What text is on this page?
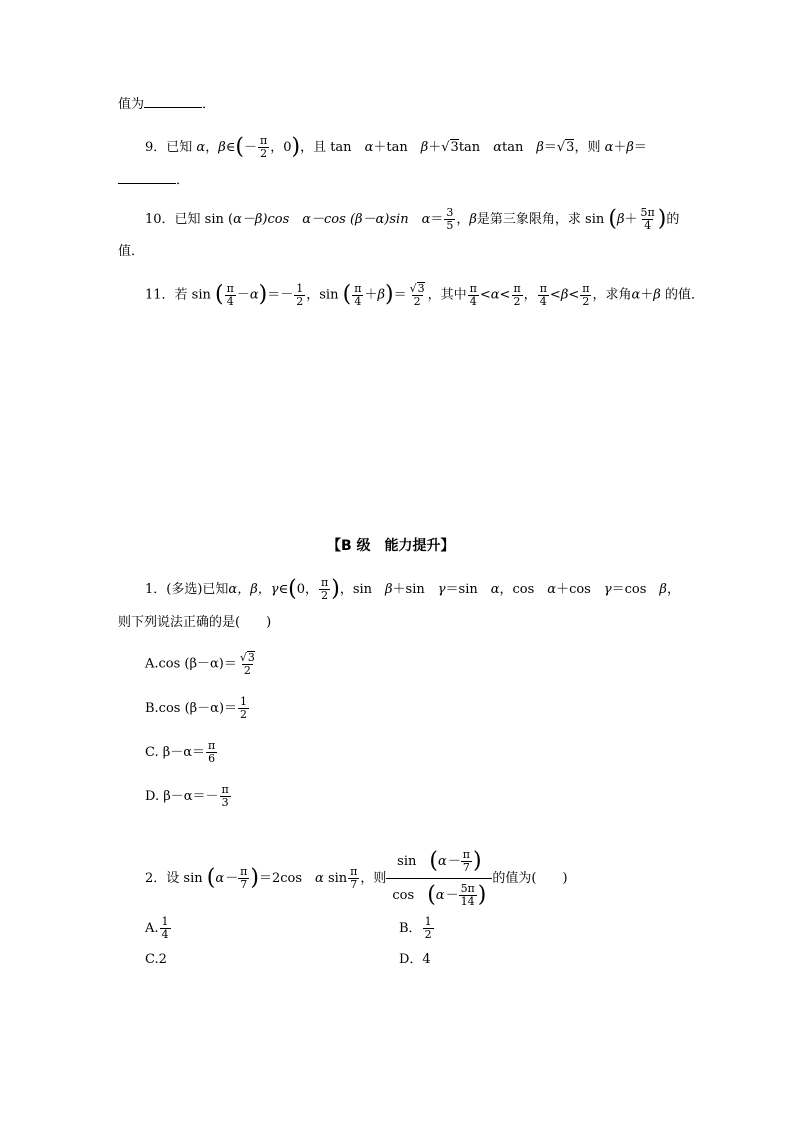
值为	．
9．已知 α，β∈(－ $\frac{\pi}{2}$ ，0)，且 tan　α＋tan　β＋√3tan　αtan　β＝√3，则 α＋β＝
．
10．已知 sin (α－β)cos　α－cos (β－α)sin　$\alpha= \frac{3}{5}$ ，β是第三象限角，求 $\sin (\beta+ \frac{5\pi}{4}$ )的
值．
11．若 sin ( $\frac{\pi}{4} -\alpha)=- \frac{1}{2}$ ，sin ( $\frac{\pi}{4} +\beta)= \frac{√3}{2}$ ，其中 $\frac{\pi}{4} <\alpha< \frac{\pi}{2}$ ， $\frac{\pi}{4} <\beta< \frac{\pi}{2}$ ，求角α＋β 的值．
【B 级　能力提升】
1．(多选)已知α，β，γ∈(0， $\frac{\pi}{2}$ )，sin　β＋sin　γ＝sin　α，cos　α＋cos　γ＝cos　β，
则下列说法正确的是(　　)
A.cos $(\beta-\alpha)= \frac{√3}{2}$
B.cos $(\beta-\alpha)= \frac{1}{2}$
C. $\beta-\alpha= \frac{\pi}{6}$
D. $\beta-\alpha=- \frac{\pi}{3}$
2．设 $\sin (\alpha- \frac{\pi}{7} )=2\cos$　α $\sin \frac{\pi}{7}$ ，则 $\frac{\sin (\alpha- \frac{\pi}{7} )}{\cos (\alpha- \frac{5\pi}{14} )}$ 的值为(　　)
A. $\frac{1}{4}$	B． $\frac{1}{2}$
C.2	D．4
